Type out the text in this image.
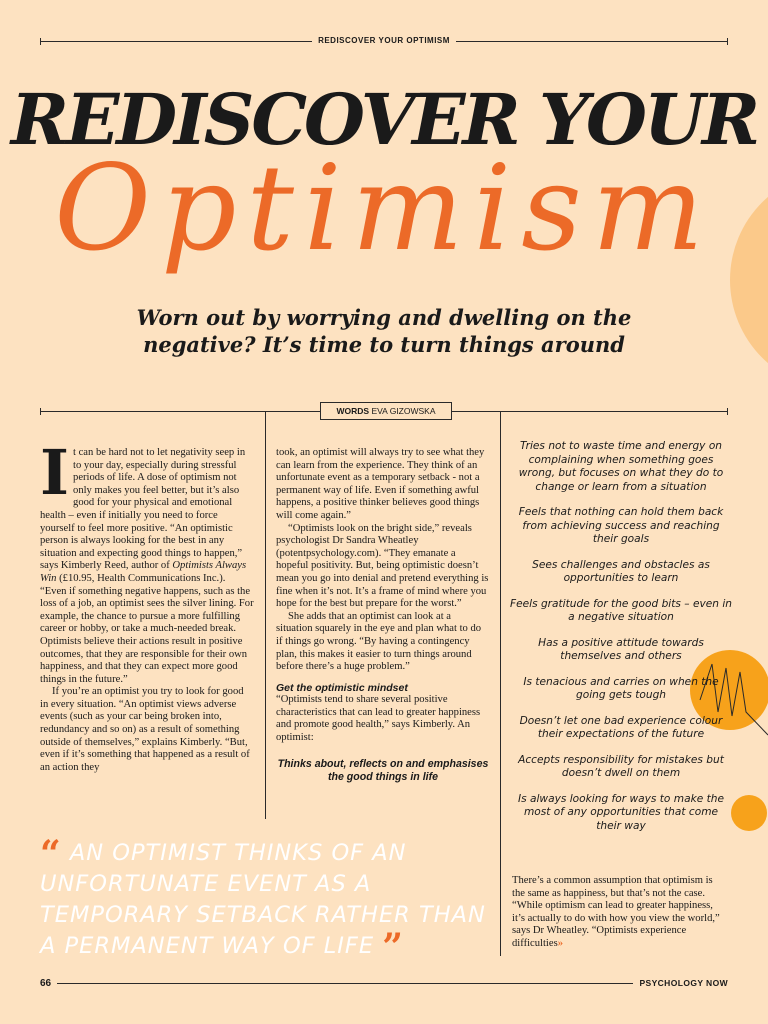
REDISCOVER YOUR OPTIMISM
REDISCOVER YOUR
Optimism
Worn out by worrying and dwelling on the negative? It’s time to turn things around
WORDS EVA GIZOWSKA
I t can be hard not to let negativity seep in to your day, especially during stressful periods of life. A dose of optimism not only makes you feel better, but it’s also good for your physical and emotional health – even if initially you need to force yourself to feel more positive. “An optimistic person is always looking for the best in any situation and expecting good things to happen,” says Kimberly Reed, author of Optimists Always Win (£10.95, Health Communications Inc.). “Even if something negative happens, such as the loss of a job, an optimist sees the silver lining. For example, the chance to pursue a more fulfilling career or hobby, or take a much-needed break. Optimists believe their actions result in positive outcomes, that they are responsible for their own happiness, and that they can expect more good things in the future.”

If you’re an optimist you try to look for good in every situation. “An optimist views adverse events (such as your car being broken into, redundancy and so on) as a result of something outside of themselves,” explains Kimberly. “But, even if it’s something that happened as a result of an action they

took, an optimist will always try to see what they can learn from the experience. They think of an unfortunate event as a temporary setback - not a permanent way of life. Even if something awful happens, a positive thinker believes good things will come again.”

“Optimists look on the bright side,” reveals psychologist Dr Sandra Wheatley (potentpsychology.com). “They emanate a hopeful positivity. But, being optimistic doesn’t mean you go into denial and pretend everything is fine when it’s not. It’s a frame of mind where you hope for the best but prepare for the worst.”

She adds that an optimist can look at a situation squarely in the eye and plan what to do if things go wrong. “By having a contingency plan, this makes it easier to turn things around before there’s a huge problem.”

Get the optimistic mindset

“Optimists tend to share several positive characteristics that can lead to greater happiness and promote good health,” says Kimberly. An optimist:

Thinks about, reflects on and emphasises the good things in life

Tries not to waste time and energy on complaining when something goes wrong, but focuses on what they do to change or learn from a situation

Feels that nothing can hold them back from achieving success and reaching their goals

Sees challenges and obstacles as opportunities to learn

Feels gratitude for the good bits – even in a negative situation

Has a positive attitude towards themselves and others

Is tenacious and carries on when the going gets tough

Doesn’t let one bad experience colour their expectations of the future

Accepts responsibility for mistakes but doesn’t dwell on them

Is always looking for ways to make the most of any opportunities that come their way

There’s a common assumption that optimism is the same as happiness, but that’s not the case. “While optimism can lead to greater happiness, it’s actually to do with how you view the world,” says Dr Wheatley. “Optimists experience difficulties»
“ AN OPTIMIST THINKS OF AN UNFORTUNATE EVENT AS A TEMPORARY SETBACK RATHER THAN A PERMANENT WAY OF LIFE ”
66	PSYCHOLOGY NOW
